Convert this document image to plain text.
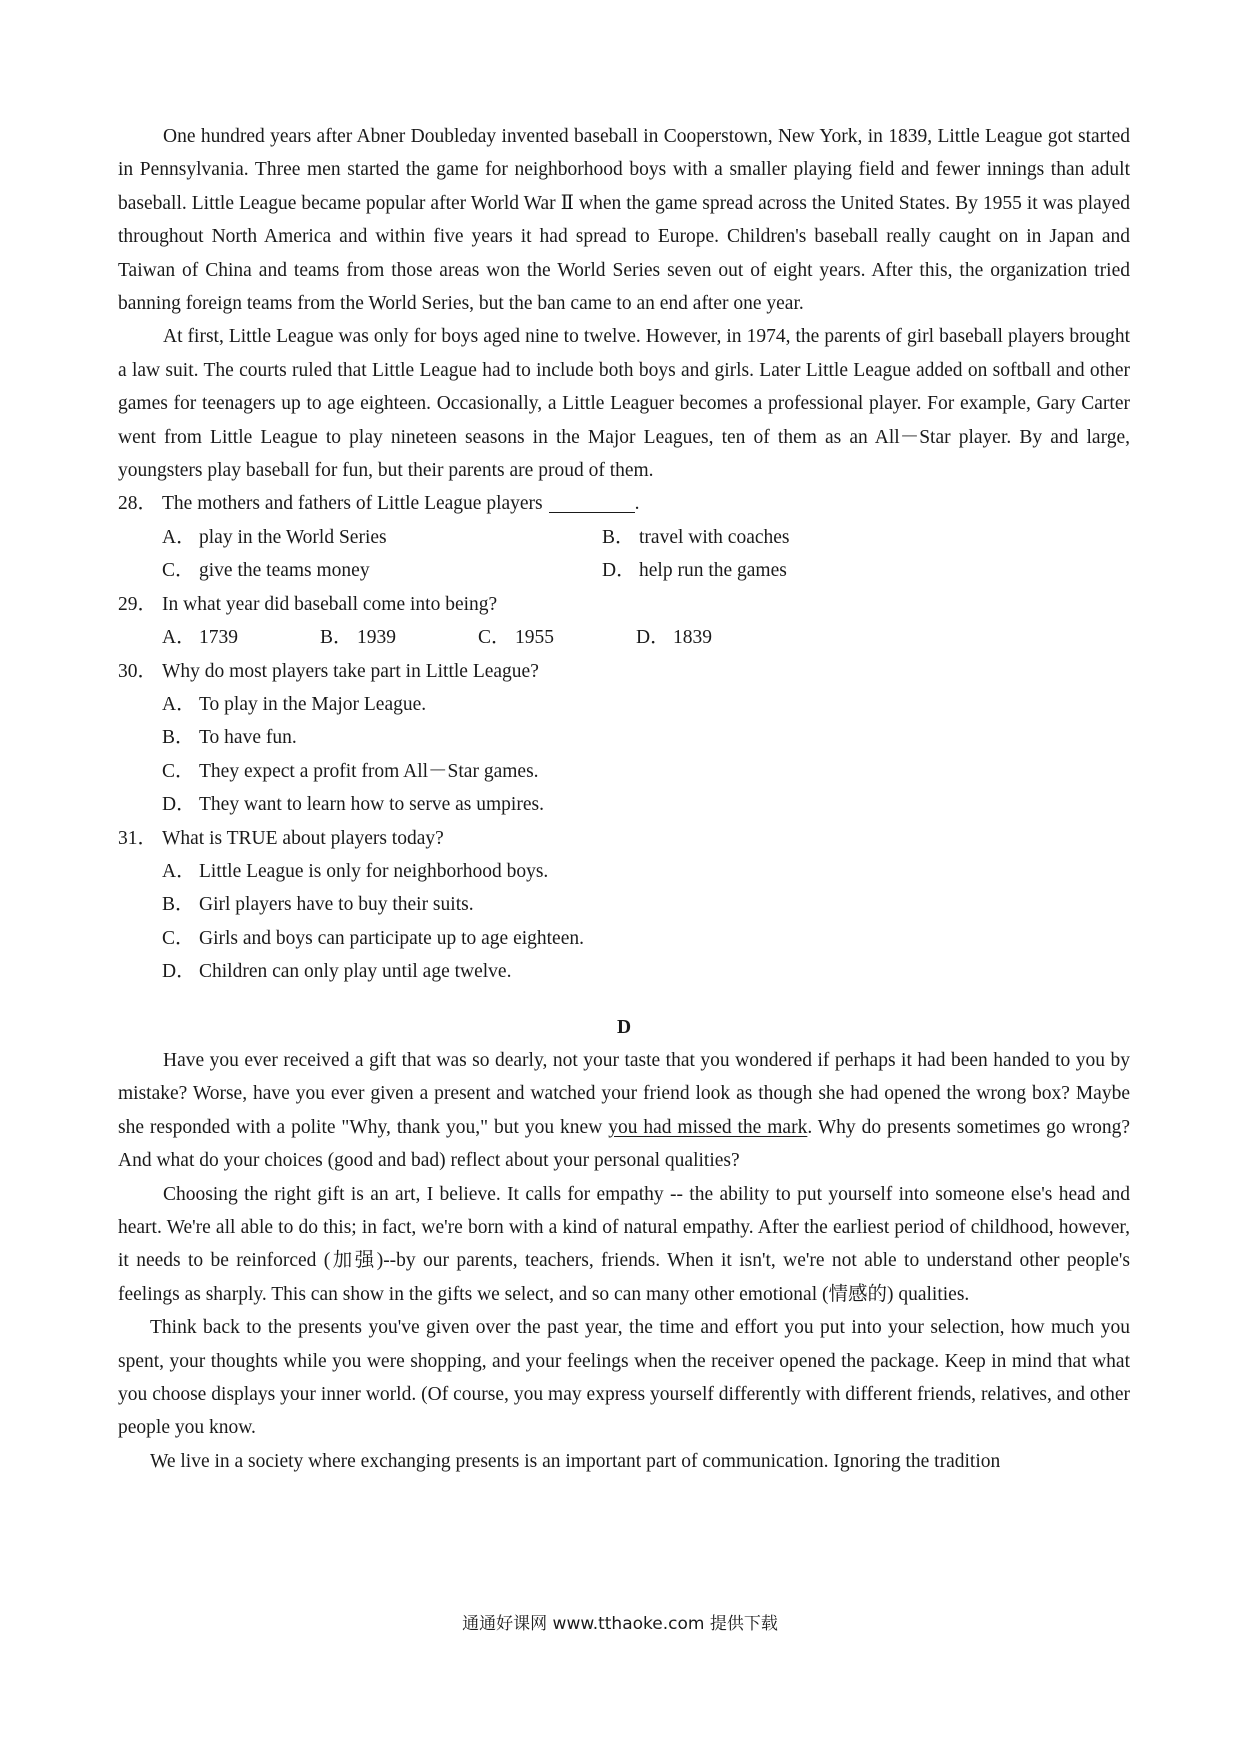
One hundred years after Abner Doubleday invented baseball in Cooperstown, New York, in 1839, Little League got started in Pennsylvania. Three men started the game for neighborhood boys with a smaller playing field and fewer innings than adult baseball. Little League became popular after World War Ⅱ when the game spread across the United States. By 1955 it was played throughout North America and within five years it had spread to Europe. Children's baseball really caught on in Japan and Taiwan of China and teams from those areas won the World Series seven out of eight years. After this, the organization tried banning foreign teams from the World Series, but the ban came to an end after one year.

At first, Little League was only for boys aged nine to twelve. However, in 1974, the parents of girl baseball players brought a law suit. The courts ruled that Little League had to include both boys and girls. Later Little League added on softball and other games for teenagers up to age eighteen. Occasionally, a Little Leaguer becomes a professional player. For example, Gary Carter went from Little League to play nineteen seasons in the Major Leagues, ten of them as an All－Star player. By and large, youngsters play baseball for fun, but their parents are proud of them.

28． The mothers and fathers of Little League players	.

A． play in the World Series	B． travel with coaches

C． give the teams money	D． help run the games

29． In what year did baseball come into being?

A． 1739	B． 1939	C． 1955	D． 1839

30． Why do most players take part in Little League?

A． To play in the Major League.

B． To have fun.

C． They expect a profit from All－Star games.

D． They want to learn how to serve as umpires.

31． What is TRUE about players today?

A． Little League is only for neighborhood boys.

B． Girl players have to buy their suits.

C． Girls and boys can participate up to age eighteen.

D． Children can only play until age twelve.

D

Have you ever received a gift that was so dearly, not your taste that you wondered if perhaps it had been handed to you by mistake? Worse, have you ever given a present and watched your friend look as though she had opened the wrong box? Maybe she responded with a polite "Why, thank you," but you knew you had missed the mark. Why do presents sometimes go wrong? And what do your choices (good and bad) reflect about your personal qualities?

Choosing the right gift is an art, I believe. It calls for empathy -- the ability to put yourself into someone else's head and heart. We're all able to do this; in fact, we're born with a kind of natural empathy. After the earliest period of childhood, however, it needs to be reinforced (加强)--by our parents, teachers, friends. When it isn't, we're not able to understand other people's feelings as sharply. This can show in the gifts we select, and so can many other emotional (情感的) qualities.

Think back to the presents you've given over the past year, the time and effort you put into your selection, how much you spent, your thoughts while you were shopping, and your feelings when the receiver opened the package. Keep in mind that what you choose displays your inner world. (Of course, you may express yourself differently with different friends, relatives, and other people you know.

We live in a society where exchanging presents is an important part of communication. Ignoring the tradition

通通好课网 www.tthaoke.com 提供下载
